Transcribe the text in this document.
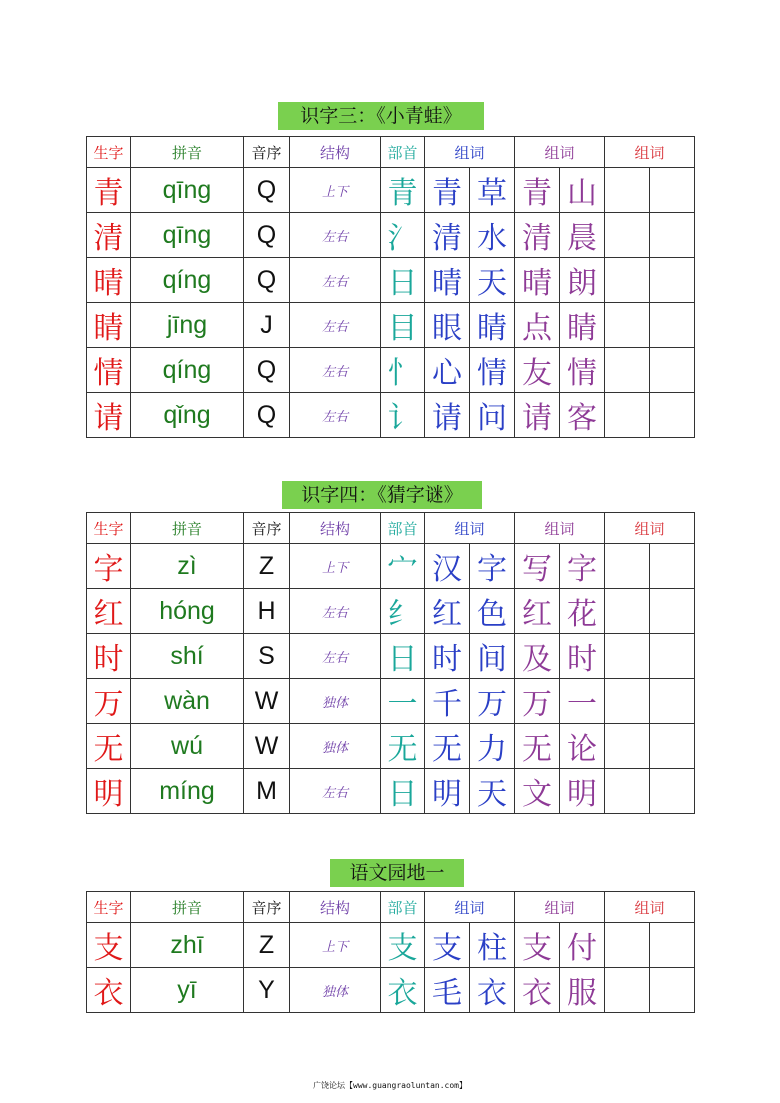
识字三：《小青蛙》
生字	拼音	音序	结构	部首	组词		组词		组词	
青	qīng	Q	上下	青	青	草	青	山		
清	qīng	Q	左右	氵	清	水	清	晨		
晴	qíng	Q	左右	日	晴	天	晴	朗		
睛	jīng	J	左右	目	眼	睛	点	睛		
情	qíng	Q	左右	忄	心	情	友	情		
请	qǐng	Q	左右	讠	请	问	请	客		
识字四：《猜字谜》
生字	拼音	音序	结构	部首	组词		组词		组词	
字	zì	Z	上下	宀	汉	字	写	字		
红	hóng	H	左右	纟	红	色	红	花		
时	shí	S	左右	日	时	间	及	时		
万	wàn	W	独体	一	千	万	万	一		
无	wú	W	独体	无	无	力	无	论		
明	míng	M	左右	日	明	天	文	明		
语文园地一
生字	拼音	音序	结构	部首	组词		组词		组词	
支	zhī	Z	上下	支	支	柱	支	付		
衣	yī	Y	独体	衣	毛	衣	衣	服		
广饶论坛【www.guangraoluntan.com】
